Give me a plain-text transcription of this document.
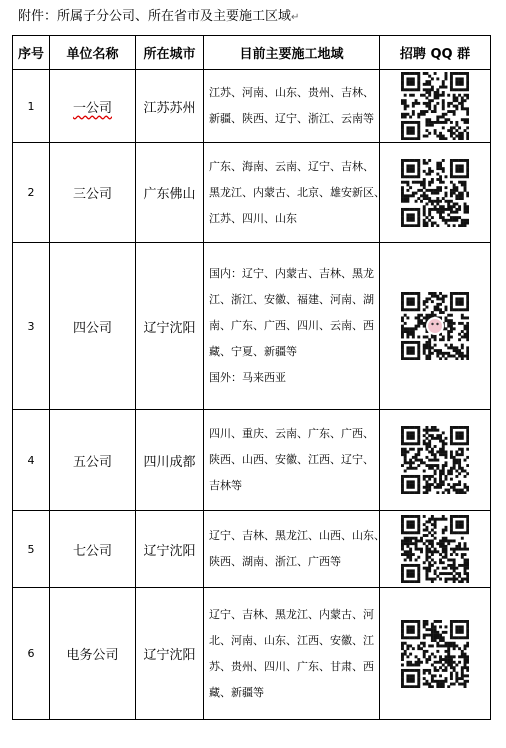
附件：所属子分公司、所在省市及主要施工区域↵
序号	单位名称	所在城市	目前主要施工地域	招聘 QQ 群
1	一公司	江苏苏州	江苏、河南、山东、贵州、吉林、
新疆、陕西、辽宁、浙江、云南等

2	三公司	广东佛山	广东、海南、云南、辽宁、吉林、
黑龙江、内蒙古、北京、雄安新区、
江苏、四川、山东

3	四公司	辽宁沈阳	国内：辽宁、内蒙古、吉林、黑龙
江、浙江、安徽、福建、河南、湖
南、广东、广西、四川、云南、西
藏、宁夏、新疆等
国外：马来西亚

4	五公司	四川成都	四川、重庆、云南、广东、广西、
陕西、山西、安徽、江西、辽宁、
吉林等

5	七公司	辽宁沈阳	辽宁、吉林、黑龙江、山西、山东、
陕西、湖南、浙江、广西等

6	电务公司	辽宁沈阳	辽宁、吉林、黑龙江、内蒙古、河
北、河南、山东、江西、安徽、江
苏、贵州、四川、广东、甘肃、西
藏、新疆等
